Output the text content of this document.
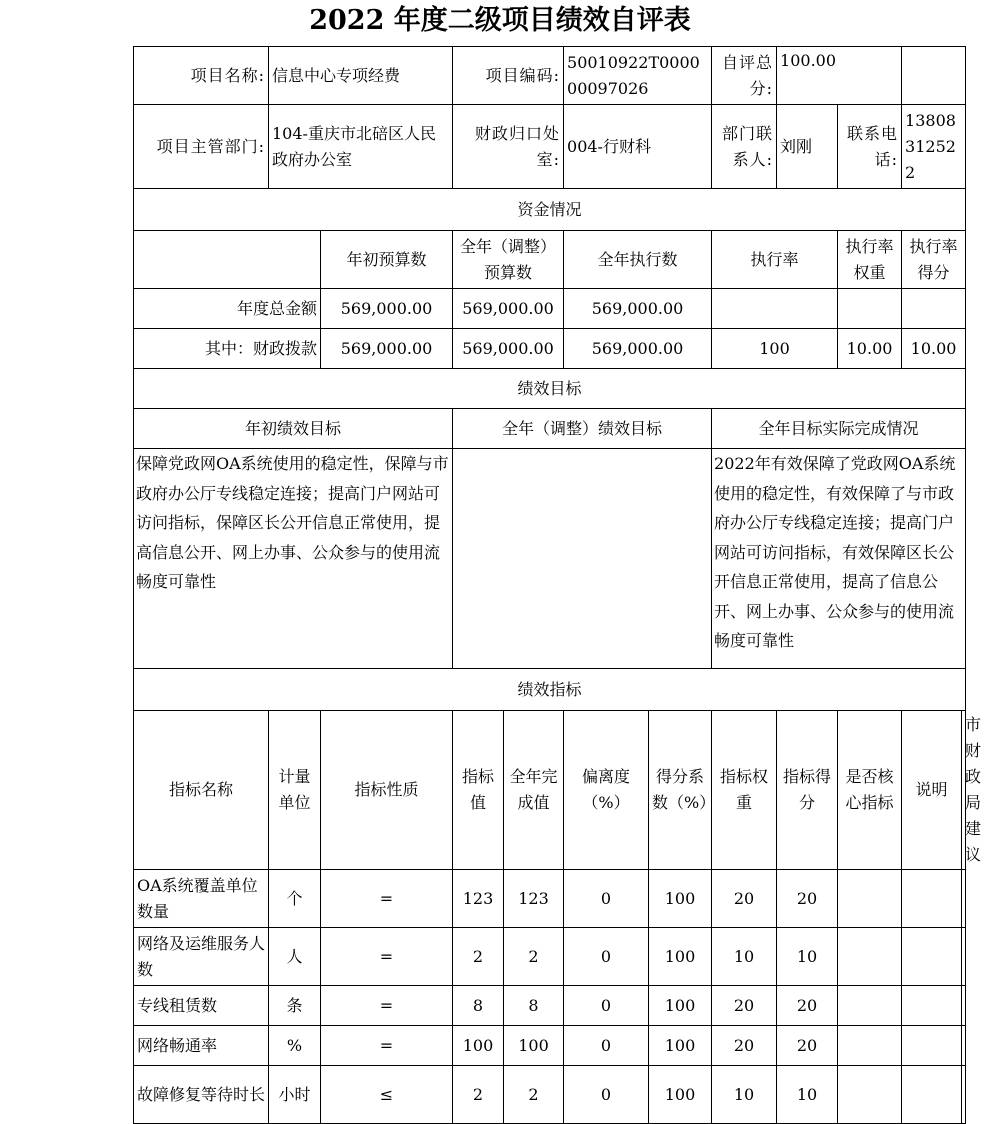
2022 年度二级项目绩效自评表
项目名称:	信息中心专项经费		项目编码:		50010922T000000097026		自评总分:	100.00			
项目主管部门:	104-重庆市北碚区人民政府办公室		财政归口处室:		004-行财科		部门联系人:	刘刚	联系电话:	13808312522	
资金情况											
		年初预算数	全年（调整）预算数		全年执行数		执行率		执行率权重	执行率得分	
年度总金额		569,000.00	569,000.00		569,000.00						
其中：财政拨款		569,000.00	569,000.00		569,000.00		100		10.00	10.00	
绩效目标											
年初绩效目标			全年（调整）绩效目标				全年目标实际完成情况				
保障党政网OA系统使用的稳定性，保障与市政府办公厅专线稳定连接；提高门户网站可访问指标，保障区长公开信息正常使用，提高信息公开、网上办事、公众参与的使用流畅度可靠性							2022年有效保障了党政网OA系统使用的稳定性，有效保障了与市政府办公厅专线稳定连接；提高门户网站可访问指标，有效保障区长公开信息正常使用，提高了信息公开、网上办事、公众参与的使用流畅度可靠性				
绩效指标											
指标名称	计量单位	指标性质	指标值	全年完成值	偏离度（%）	得分系数（%）	指标权重	指标得分	是否核心指标	说明	市财政局建议
OA系统覆盖单位数量	个	=	123	123	0	100	20	20			
网络及运维服务人数	人	=	2	2	0	100	10	10			
专线租赁数	条	=	8	8	0	100	20	20			
网络畅通率	%	=	100	100	0	100	20	20			
故障修复等待时长	小时	≤	2	2	0	100	10	10			
